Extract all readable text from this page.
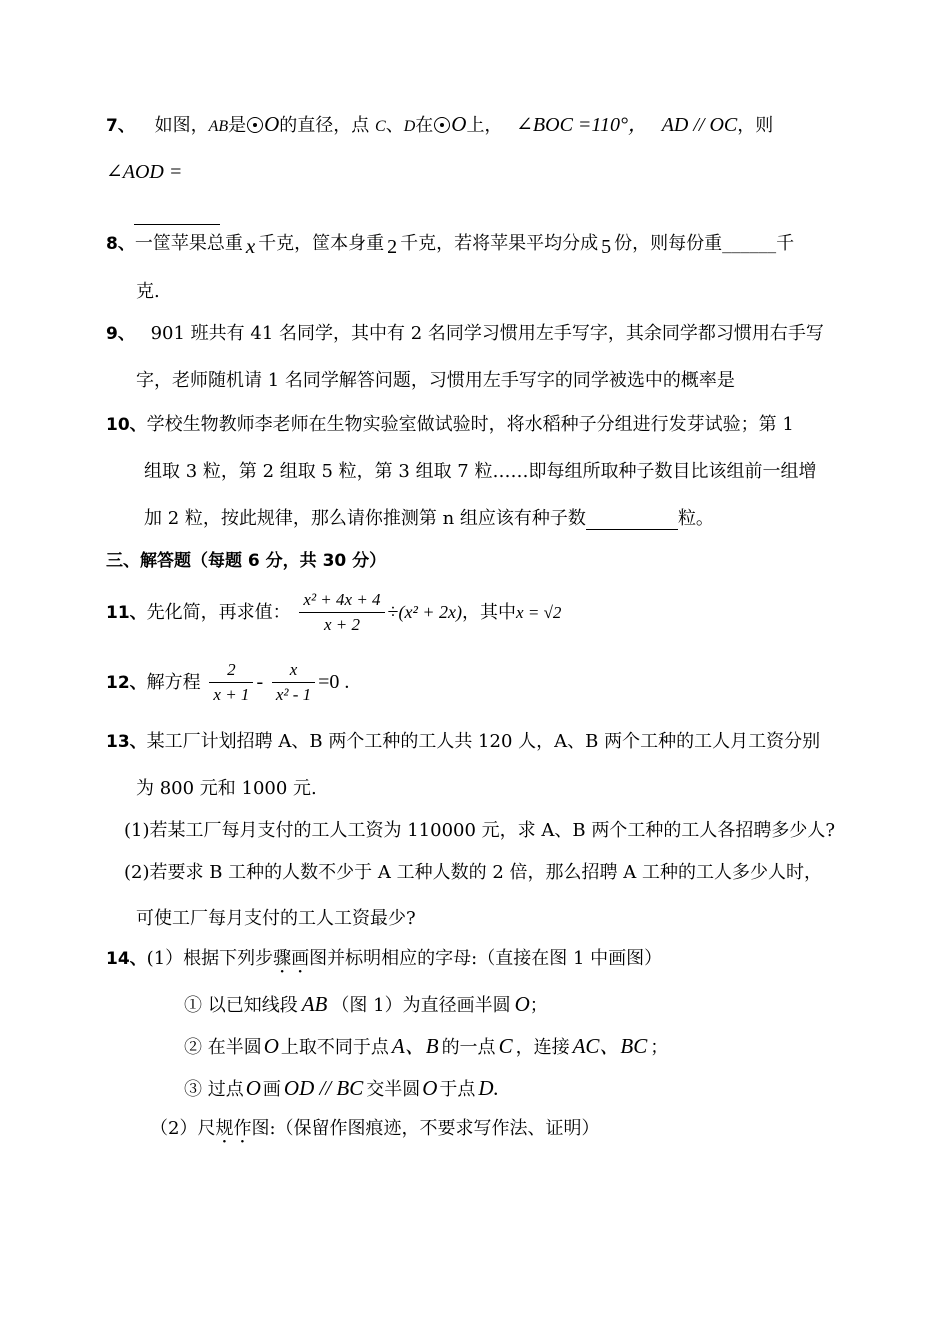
7、 如图，AB是 O的直径，点 C、D在 O上， ∠BOC =110°， AD // OC，则
∠AOD =
8、一筐苹果总重 x 千克，筐本身重 2 千克，若将苹果平均分成 5 份，则每份重______千
克.
9、 901 班共有 41 名同学，其中有 2 名同学习惯用左手写字，其余同学都习惯用右手写
字，老师随机请 1 名同学解答问题，习惯用左手写字的同学被选中的概率是
10、学校生物教师李老师在生物实验室做试验时，将水稻种子分组进行发芽试验；第 1
组取 3 粒，第 2 组取 5 粒，第 3 组取 7 粒……即每组所取种子数目比该组前一组增
加 2 粒，按此规律，那么请你推测第 n 组应该有种子数	粒。
三、解答题（每题 6 分，共 30 分）
11、先化简，再求值： $\frac{\text{x² + 4x + 4}}{x + 2} \div(x^2 + 2x)$，其中x = √2
12、解方程 $\frac{2}{x + 1} - \frac{x}{\text{x² - 1}} =0$ .
13、某工厂计划招聘 A、B 两个工种的工人共 120 人，A、B 两个工种的工人月工资分别
为 800 元和 1000 元.
(1)若某工厂每月支付的工人工资为 110000 元，求 A、B 两个工种的工人各招聘多少人?
(2)若要求 B 工种的人数不少于 A 工种人数的 2 倍，那么招聘 A 工种的工人多少人时，
可使工厂每月支付的工人工资最少?
14、(1）根据下列步骤画图并标明相应的字母:（直接在图 1 中画图）
① 以已知线段 AB （图 1）为直径画半圆 O；
② 在半圆O 上取不同于点 A、B 的一点 C ，连接 AC、BC ；
③ 过点O 画 OD // BC 交半圆O 于点 D.
（2）尺规作图:（保留作图痕迹，不要求写作法、证明）
